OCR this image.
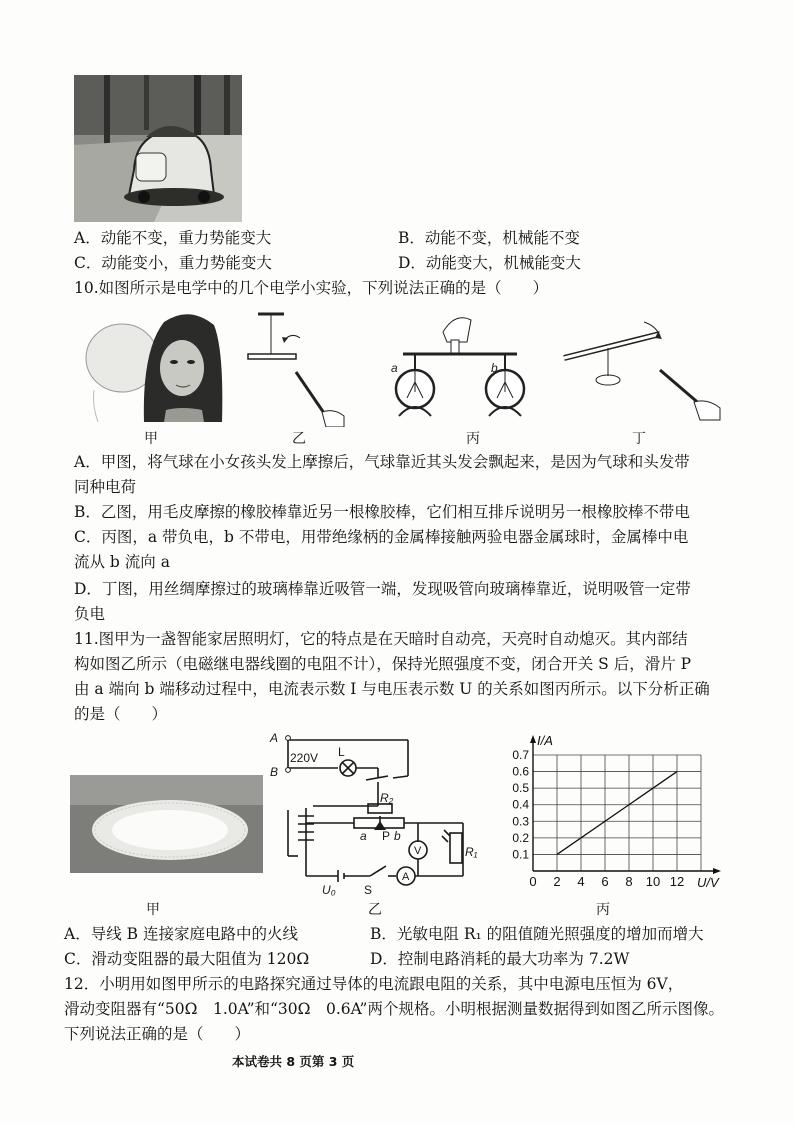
A．动能不变，重力势能变大	B．动能不变，机械能不变
C．动能变小，重力势能变大	D．动能变大，机械能变大
10.如图所示是电学中的几个电学小实验，下列说法正确的是（　　）
甲	乙
a	b
丙	丁
A．甲图，将气球在小女孩头发上摩擦后，气球靠近其头发会飘起来，是因为气球和头发带
同种电荷
B．乙图，用毛皮摩擦的橡胶棒靠近另一根橡胶棒，它们相互排斥说明另一根橡胶棒不带电
C．丙图，a 带负电，b 不带电，用带绝缘柄的金属棒接触两验电器金属球时，金属棒中电
流从 b 流向 a
D．丁图，用丝绸摩擦过的玻璃棒靠近吸管一端，发现吸管向玻璃棒靠近，说明吸管一定带
负电
11.图甲为一盏智能家居照明灯，它的特点是在天暗时自动亮，天亮时自动熄灭。其内部结
构如图乙所示（电磁继电器线圈的电阻不计），保持光照强度不变，闭合开关 S 后，滑片 P
由 a 端向 b 端移动过程中，电流表示数 I 与电压表示数 U 的关系如图丙所示。以下分析正确
的是（　　）
甲
A
B
220V L
R₂
a P b
V
A
R₁
U₀ S
乙
0 2 4 6 8 10 12
0.1
0.2
0.3
0.4
0.5
0.6
0.7
I/A
U/V
丙
A．导线 B 连接家庭电路中的火线	B．光敏电阻 R₁ 的阻值随光照强度的增加而增大
C．滑动变阻器的最大阻值为 120Ω	D．控制电路消耗的最大功率为 7.2W
12．小明用如图甲所示的电路探究通过导体的电流跟电阻的关系，其中电源电压恒为 6V，
滑动变阻器有“50Ω　1.0A”和“30Ω　0.6A”两个规格。小明根据测量数据得到如图乙所示图像。
下列说法正确的是（　　）
本试卷共 8 页第 3 页
